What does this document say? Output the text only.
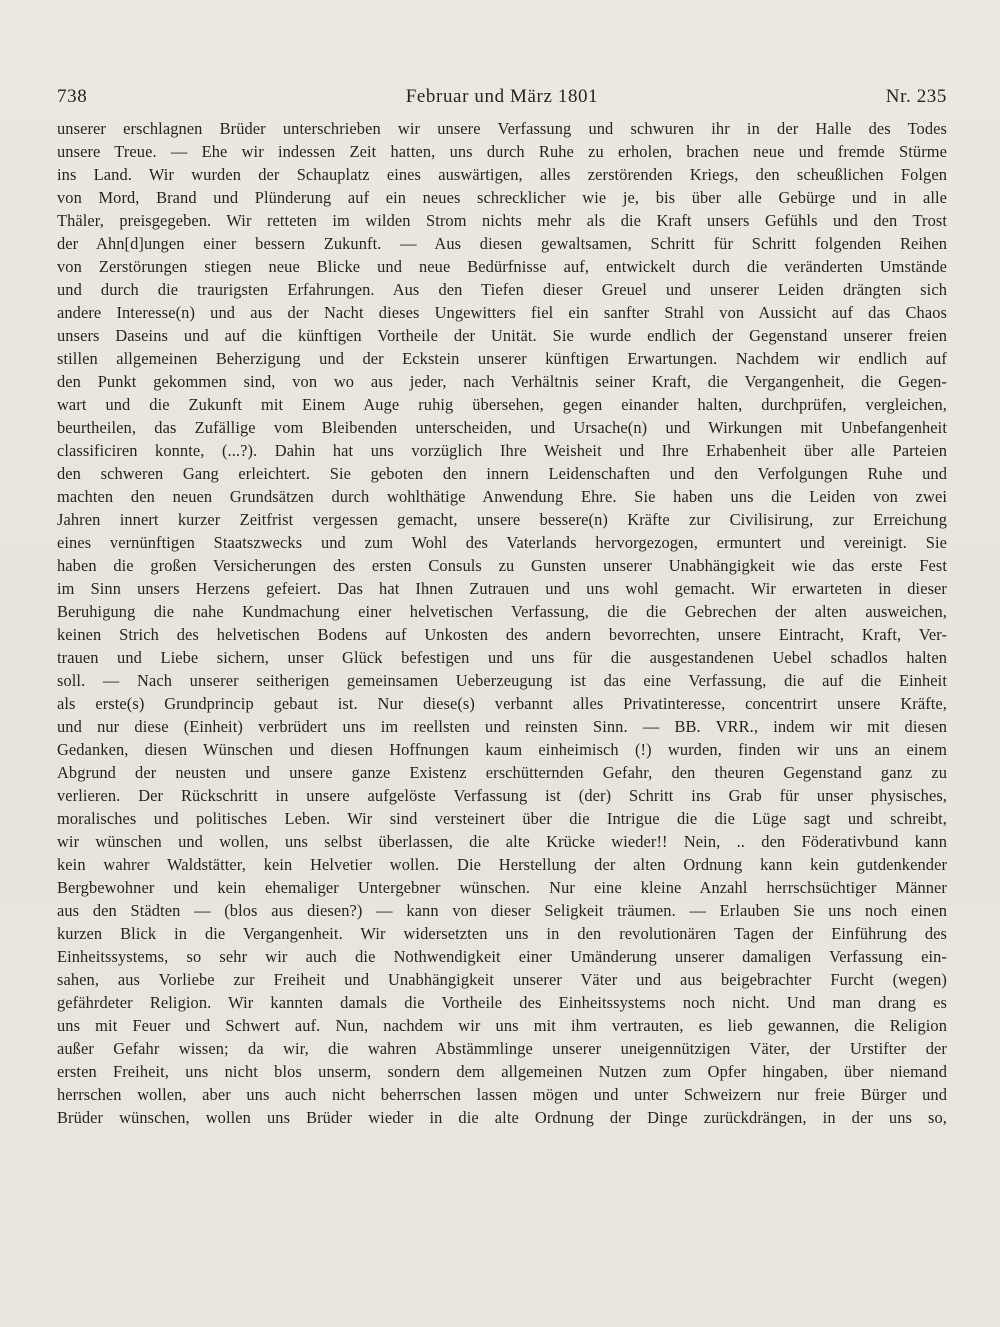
Februar und März 1801
738	Nr. 235
unserer erschlagnen Brüder unterschrieben wir unsere Verfassung und schwuren ihr in der Halle des Todes
unsere Treue. — Ehe wir indessen Zeit hatten, uns durch Ruhe zu erholen, brachen neue und fremde Stürme
ins Land. Wir wurden der Schauplatz eines auswärtigen, alles zerstörenden Kriegs, den scheußlichen Folgen
von Mord, Brand und Plünderung auf ein neues schrecklicher wie je, bis über alle Gebürge und in alle
Thäler, preisgegeben. Wir retteten im wilden Strom nichts mehr als die Kraft unsers Gefühls und den Trost
der Ahn[d]ungen einer bessern Zukunft. — Aus diesen gewaltsamen, Schritt für Schritt folgenden Reihen
von Zerstörungen stiegen neue Blicke und neue Bedürfnisse auf, entwickelt durch die veränderten Umstände
und durch die traurigsten Erfahrungen. Aus den Tiefen dieser Greuel und unserer Leiden drängten sich
andere Interesse(n) und aus der Nacht dieses Ungewitters fiel ein sanfter Strahl von Aussicht auf das Chaos
unsers Daseins und auf die künftigen Vortheile der Unität. Sie wurde endlich der Gegenstand unserer freien
stillen allgemeinen Beherzigung und der Eckstein unserer künftigen Erwartungen. Nachdem wir endlich auf
den Punkt gekommen sind, von wo aus jeder, nach Verhältnis seiner Kraft, die Vergangenheit, die Gegen-
wart und die Zukunft mit Einem Auge ruhig übersehen, gegen einander halten, durchprüfen, vergleichen,
beurtheilen, das Zufällige vom Bleibenden unterscheiden, und Ursache(n) und Wirkungen mit Unbefangenheit
classificiren konnte, (...?). Dahin hat uns vorzüglich Ihre Weisheit und Ihre Erhabenheit über alle Parteien
den schweren Gang erleichtert. Sie geboten den innern Leidenschaften und den Verfolgungen Ruhe und
machten den neuen Grundsätzen durch wohlthätige Anwendung Ehre. Sie haben uns die Leiden von zwei
Jahren innert kurzer Zeitfrist vergessen gemacht, unsere bessere(n) Kräfte zur Civilisirung, zur Erreichung
eines vernünftigen Staatszwecks und zum Wohl des Vaterlands hervorgezogen, ermuntert und vereinigt. Sie
haben die großen Versicherungen des ersten Consuls zu Gunsten unserer Unabhängigkeit wie das erste Fest
im Sinn unsers Herzens gefeiert. Das hat Ihnen Zutrauen und uns wohl gemacht. Wir erwarteten in dieser
Beruhigung die nahe Kundmachung einer helvetischen Verfassung, die die Gebrechen der alten ausweichen,
keinen Strich des helvetischen Bodens auf Unkosten des andern bevorrechten, unsere Eintracht, Kraft, Ver-
trauen und Liebe sichern, unser Glück befestigen und uns für die ausgestandenen Uebel schadlos halten
soll. — Nach unserer seitherigen gemeinsamen Ueberzeugung ist das eine Verfassung, die auf die Einheit
als erste(s) Grundprincip gebaut ist. Nur diese(s) verbannt alles Privatinteresse, concentrirt unsere Kräfte,
und nur diese (Einheit) verbrüdert uns im reellsten und reinsten Sinn. — BB. VRR., indem wir mit diesen
Gedanken, diesen Wünschen und diesen Hoffnungen kaum einheimisch (!) wurden, finden wir uns an einem
Abgrund der neusten und unsere ganze Existenz erschütternden Gefahr, den theuren Gegenstand ganz zu
verlieren. Der Rückschritt in unsere aufgelöste Verfassung ist (der) Schritt ins Grab für unser physisches,
moralisches und politisches Leben. Wir sind versteinert über die Intrigue die die Lüge sagt und schreibt,
wir wünschen und wollen, uns selbst überlassen, die alte Krücke wieder!! Nein, .. den Föderativbund kann
kein wahrer Waldstätter, kein Helvetier wollen. Die Herstellung der alten Ordnung kann kein gutdenkender
Bergbewohner und kein ehemaliger Untergebner wünschen. Nur eine kleine Anzahl herrschsüchtiger Männer
aus den Städten — (blos aus diesen?) — kann von dieser Seligkeit träumen. — Erlauben Sie uns noch einen
kurzen Blick in die Vergangenheit. Wir widersetzten uns in den revolutionären Tagen der Einführung des
Einheitssystems, so sehr wir auch die Nothwendigkeit einer Umänderung unserer damaligen Verfassung ein-
sahen, aus Vorliebe zur Freiheit und Unabhängigkeit unserer Väter und aus beigebrachter Furcht (wegen)
gefährdeter Religion. Wir kannten damals die Vortheile des Einheitssystems noch nicht. Und man drang es
uns mit Feuer und Schwert auf. Nun, nachdem wir uns mit ihm vertrauten, es lieb gewannen, die Religion
außer Gefahr wissen; da wir, die wahren Abstämmlinge unserer uneigennützigen Väter, der Urstifter der
ersten Freiheit, uns nicht blos unserm, sondern dem allgemeinen Nutzen zum Opfer hingaben, über niemand
herrschen wollen, aber uns auch nicht beherrschen lassen mögen und unter Schweizern nur freie Bürger und
Brüder wünschen, wollen uns Brüder wieder in die alte Ordnung der Dinge zurückdrängen, in der uns so,
